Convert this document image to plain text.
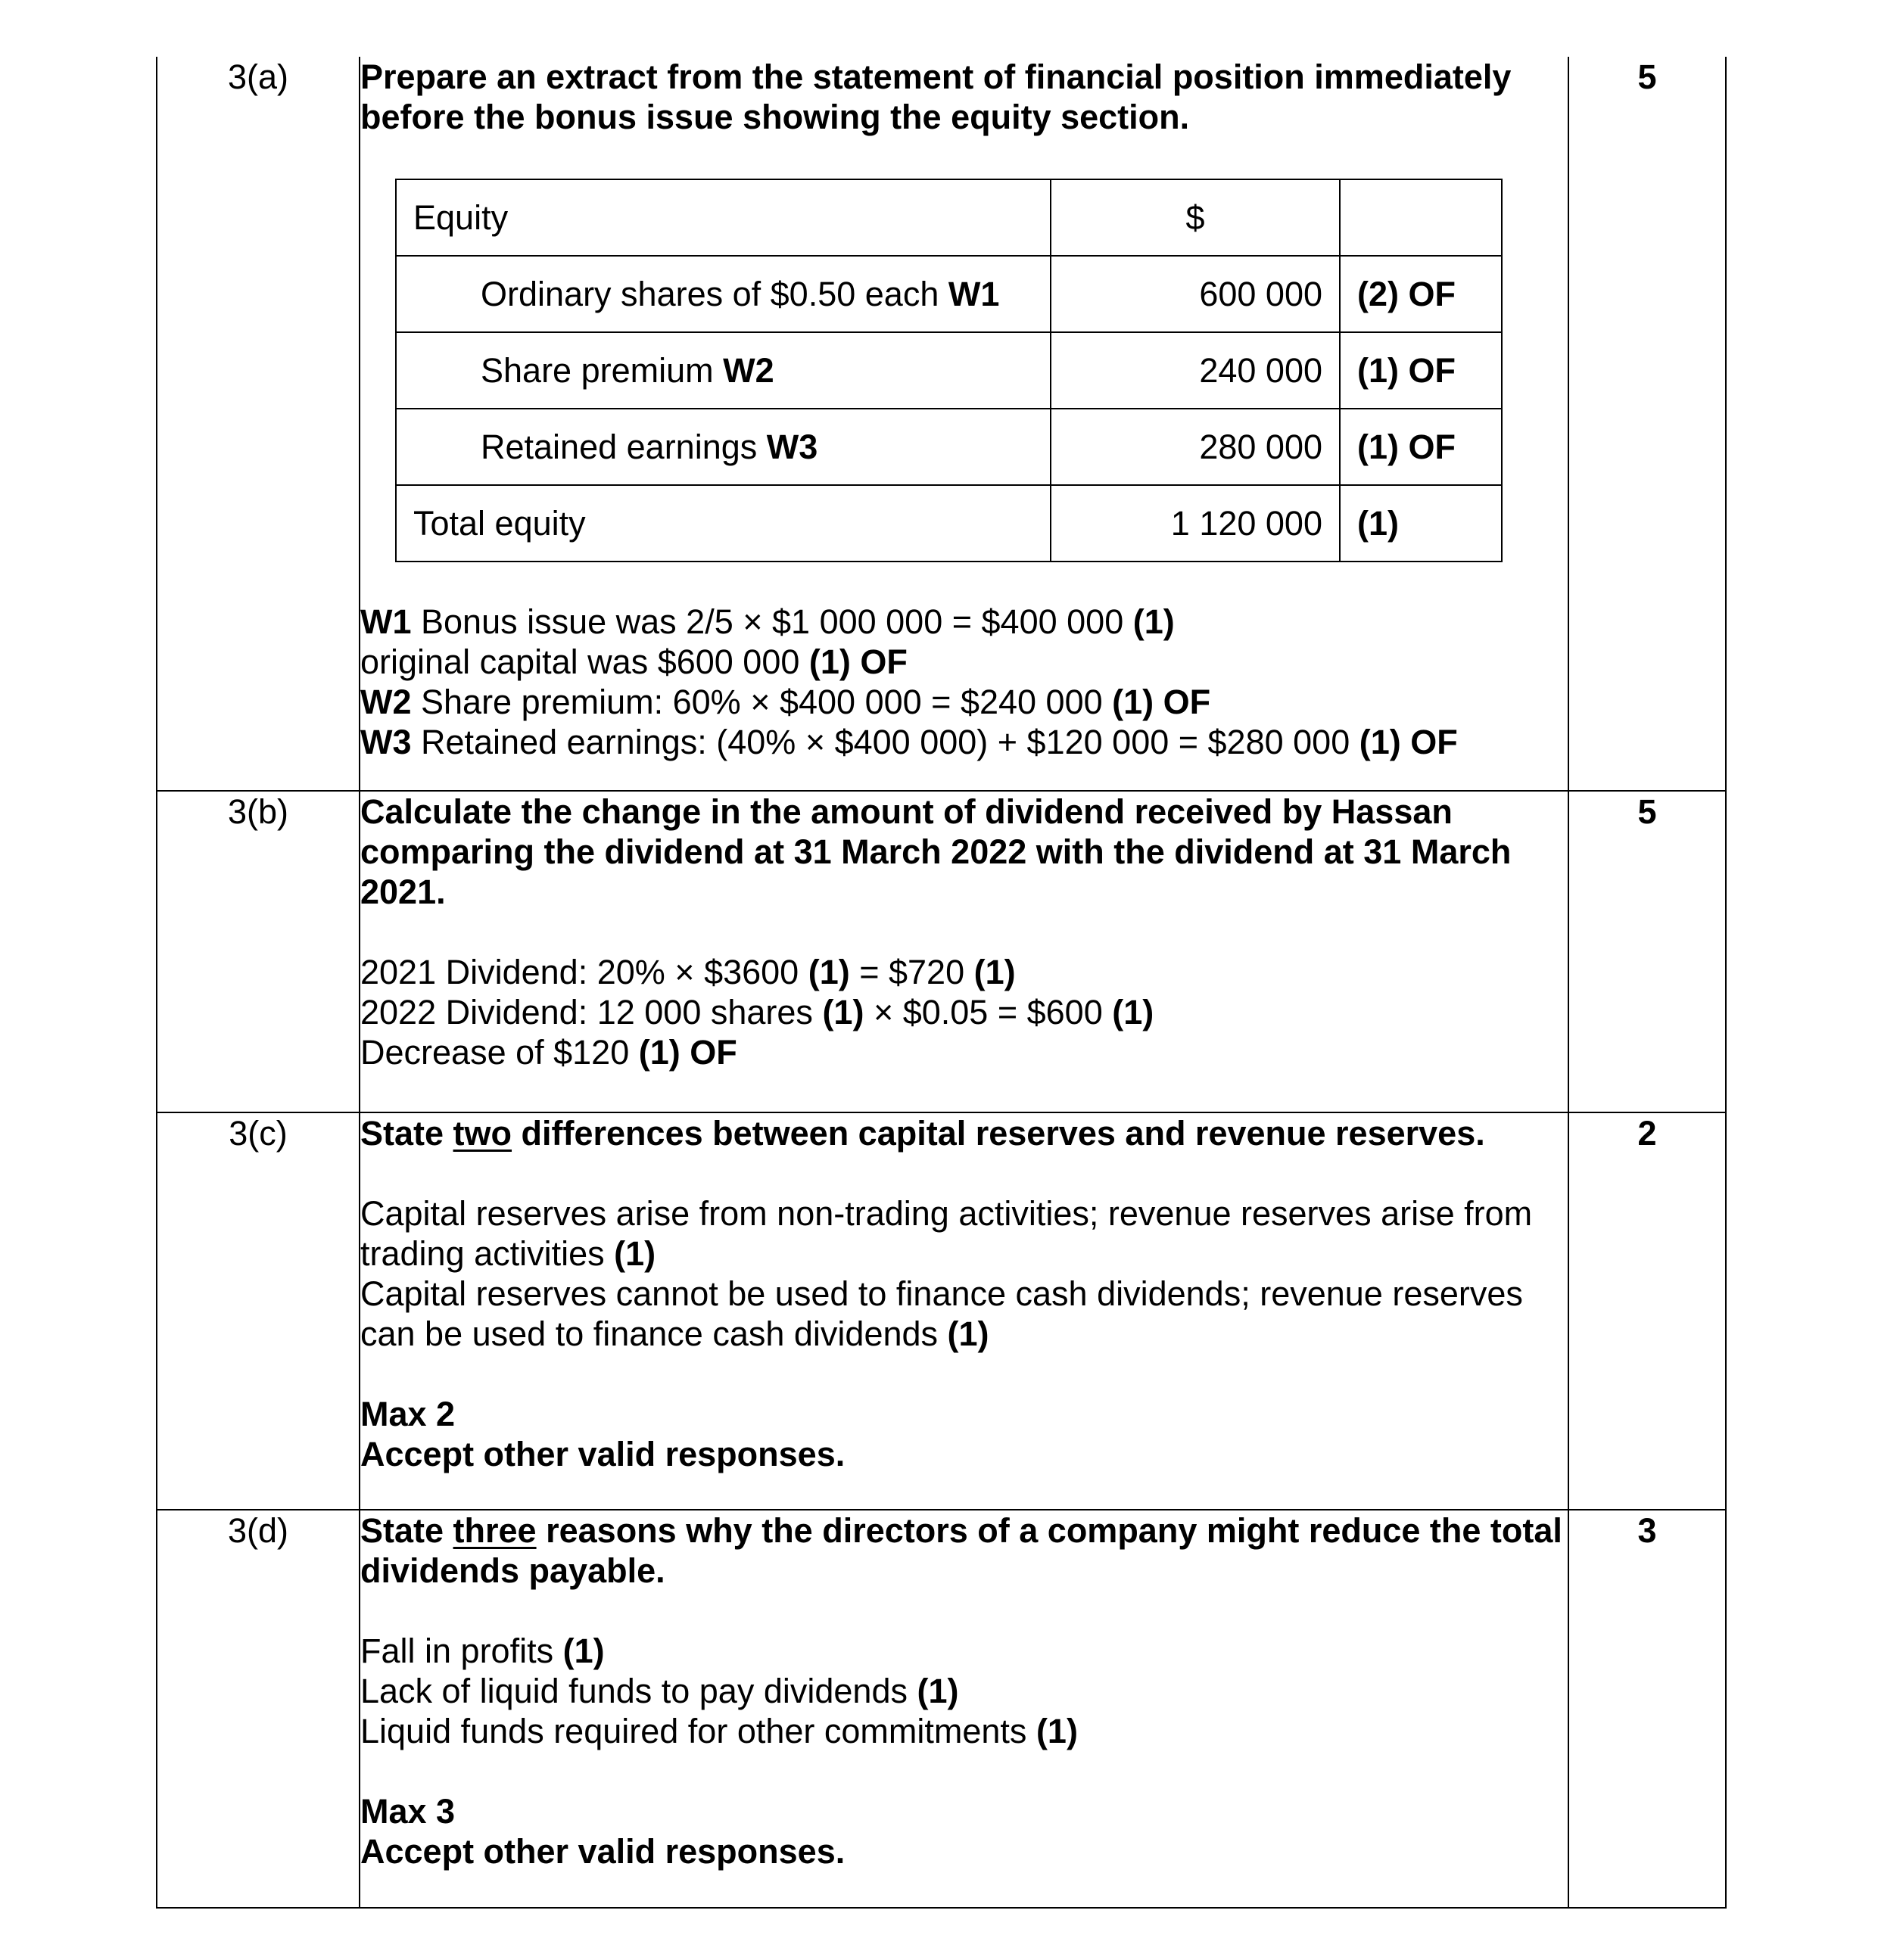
3(a)	Prepare an extract from the statement of financial position immediately before the bonus issue showing the equity section.

Equity	$	
Ordinary shares of $0.50 each W1	600 000	(2) OF
Share premium W2	240 000	(1) OF
Retained earnings W3	280 000	(1) OF
Total equity	1 120 000	(1)

W1 Bonus issue was 2/5 × $1 000 000 = $400 000 (1)

original capital was $600 000 (1) OF

W2 Share premium: 60% × $400 000 = $240 000 (1) OF

W3 Retained earnings: (40% × $400 000) + $120 000 = $280 000 (1) OF

	5

3(b)	Calculate the change in the amount of dividend received by Hassan comparing the dividend at 31 March 2022 with the dividend at 31 March 2021.

2021 Dividend: 20% × $3600 (1) = $720 (1)

2022 Dividend: 12 000 shares (1) × $0.05 = $600 (1)

Decrease of $120 (1) OF

	5

3(c)	State two differences between capital reserves and revenue reserves.

Capital reserves arise from non-trading activities; revenue reserves arise from trading activities (1)

Capital reserves cannot be used to finance cash dividends; revenue reserves can be used to finance cash dividends (1)

Max 2

Accept other valid responses.

	2

3(d)	State three reasons why the directors of a company might reduce the total dividends payable.

Fall in profits (1)

Lack of liquid funds to pay dividends (1)

Liquid funds required for other commitments (1)

Max 3

Accept other valid responses.

	3
